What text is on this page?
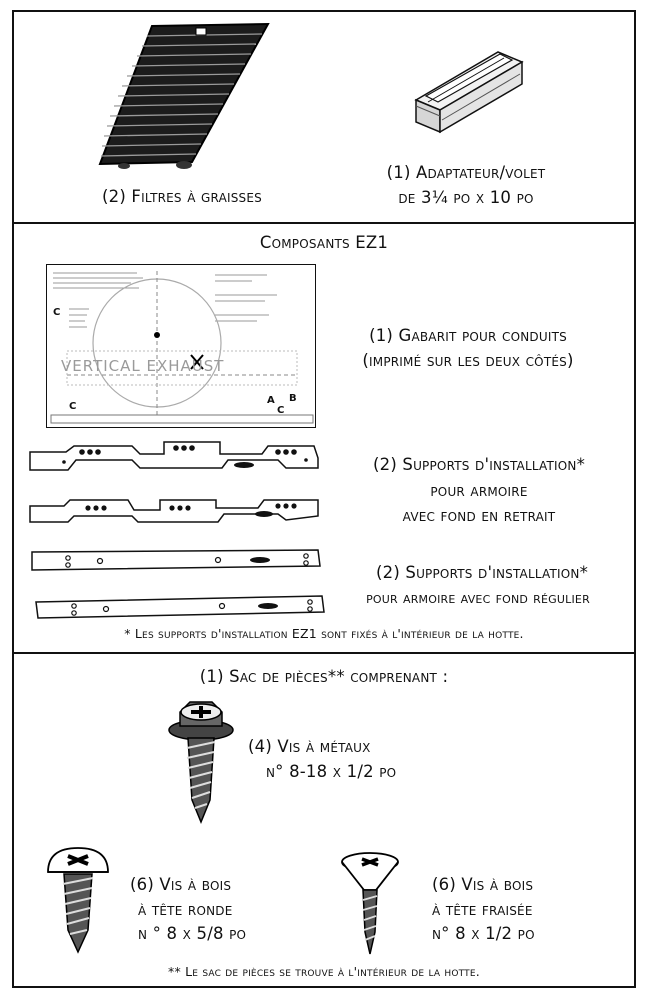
(2) Filtres à graisses
(1) Adaptateur/volet
de 3¼ po x 10 po
Composants EZ1
VERTICAL EXHAUST
C
C
A B
C
(1) Gabarit pour conduits
(imprimé sur les deux côtés)
(2) Supports d'installation*
pour armoire
avec fond en retrait
(2) Supports d'installation*
pour armoire avec fond régulier
* Les supports d'installation EZ1 sont fixés à l'intérieur de la hotte.
(1) Sac de pièces** comprenant :
(4) Vis à métaux
n° 8-18 x 1/2 po
(6) Vis à bois
à tête ronde
n ° 8 x 5/8 po
(6) Vis à bois
à tête fraisée
n° 8 x 1/2 po
** Le sac de pièces se trouve à l'intérieur de la hotte.
